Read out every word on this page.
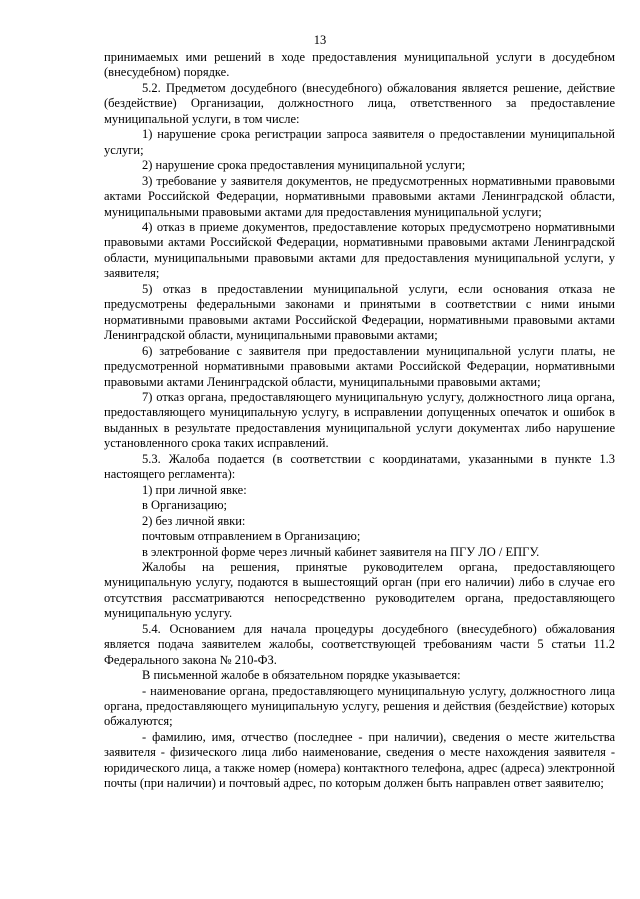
13

принимаемых ими решений в ходе предоставления муниципальной услуги в досудебном (внесудебном) порядке.

5.2. Предметом досудебного (внесудебного) обжалования является решение, действие (бездействие) Организации, должностного лица, ответственного за предоставление муниципальной услуги, в том числе:

1) нарушение срока регистрации запроса заявителя о предоставлении муниципальной услуги;

2) нарушение срока предоставления муниципальной услуги;

3) требование у заявителя документов, не предусмотренных нормативными правовыми актами Российской Федерации, нормативными правовыми актами Ленинградской области, муниципальными правовыми актами для предоставления муниципальной услуги;

4) отказ в приеме документов, предоставление которых предусмотрено нормативными правовыми актами Российской Федерации, нормативными правовыми актами Ленинградской области, муниципальными правовыми актами для предоставления муниципальной услуги, у заявителя;

5) отказ в предоставлении муниципальной услуги, если основания отказа не предусмотрены федеральными законами и принятыми в соответствии с ними иными нормативными правовыми актами Российской Федерации, нормативными правовыми актами Ленинградской области, муниципальными правовыми актами;

6) затребование с заявителя при предоставлении муниципальной услуги платы, не предусмотренной нормативными правовыми актами Российской Федерации, нормативными правовыми актами Ленинградской области, муниципальными правовыми актами;

7) отказ органа, предоставляющего муниципальную услугу, должностного лица органа, предоставляющего муниципальную услугу, в исправлении допущенных опечаток и ошибок в выданных в результате предоставления муниципальной услуги документах либо нарушение установленного срока таких исправлений.

5.3. Жалоба подается (в соответствии с координатами, указанными в пункте 1.3 настоящего регламента):

1) при личной явке:

в Организацию;

2) без личной явки:

почтовым отправлением в Организацию;

в электронной форме через личный кабинет заявителя на ПГУ ЛО / ЕПГУ.

Жалобы на решения, принятые руководителем органа, предоставляющего муниципальную услугу, подаются в вышестоящий орган (при его наличии) либо в случае его отсутствия рассматриваются непосредственно руководителем органа, предоставляющего муниципальную услугу.

5.4. Основанием для начала процедуры досудебного (внесудебного) обжалования является подача заявителем жалобы, соответствующей требованиям части 5 статьи 11.2 Федерального закона № 210-ФЗ.

В письменной жалобе в обязательном порядке указывается:

- наименование органа, предоставляющего муниципальную услугу, должностного лица органа, предоставляющего муниципальную услугу, решения и действия (бездействие) которых обжалуются;

- фамилию, имя, отчество (последнее - при наличии), сведения о месте жительства заявителя - физического лица либо наименование, сведения о месте нахождения заявителя - юридического лица, а также номер (номера) контактного телефона, адрес (адреса) электронной почты (при наличии) и почтовый адрес, по которым должен быть направлен ответ заявителю;
